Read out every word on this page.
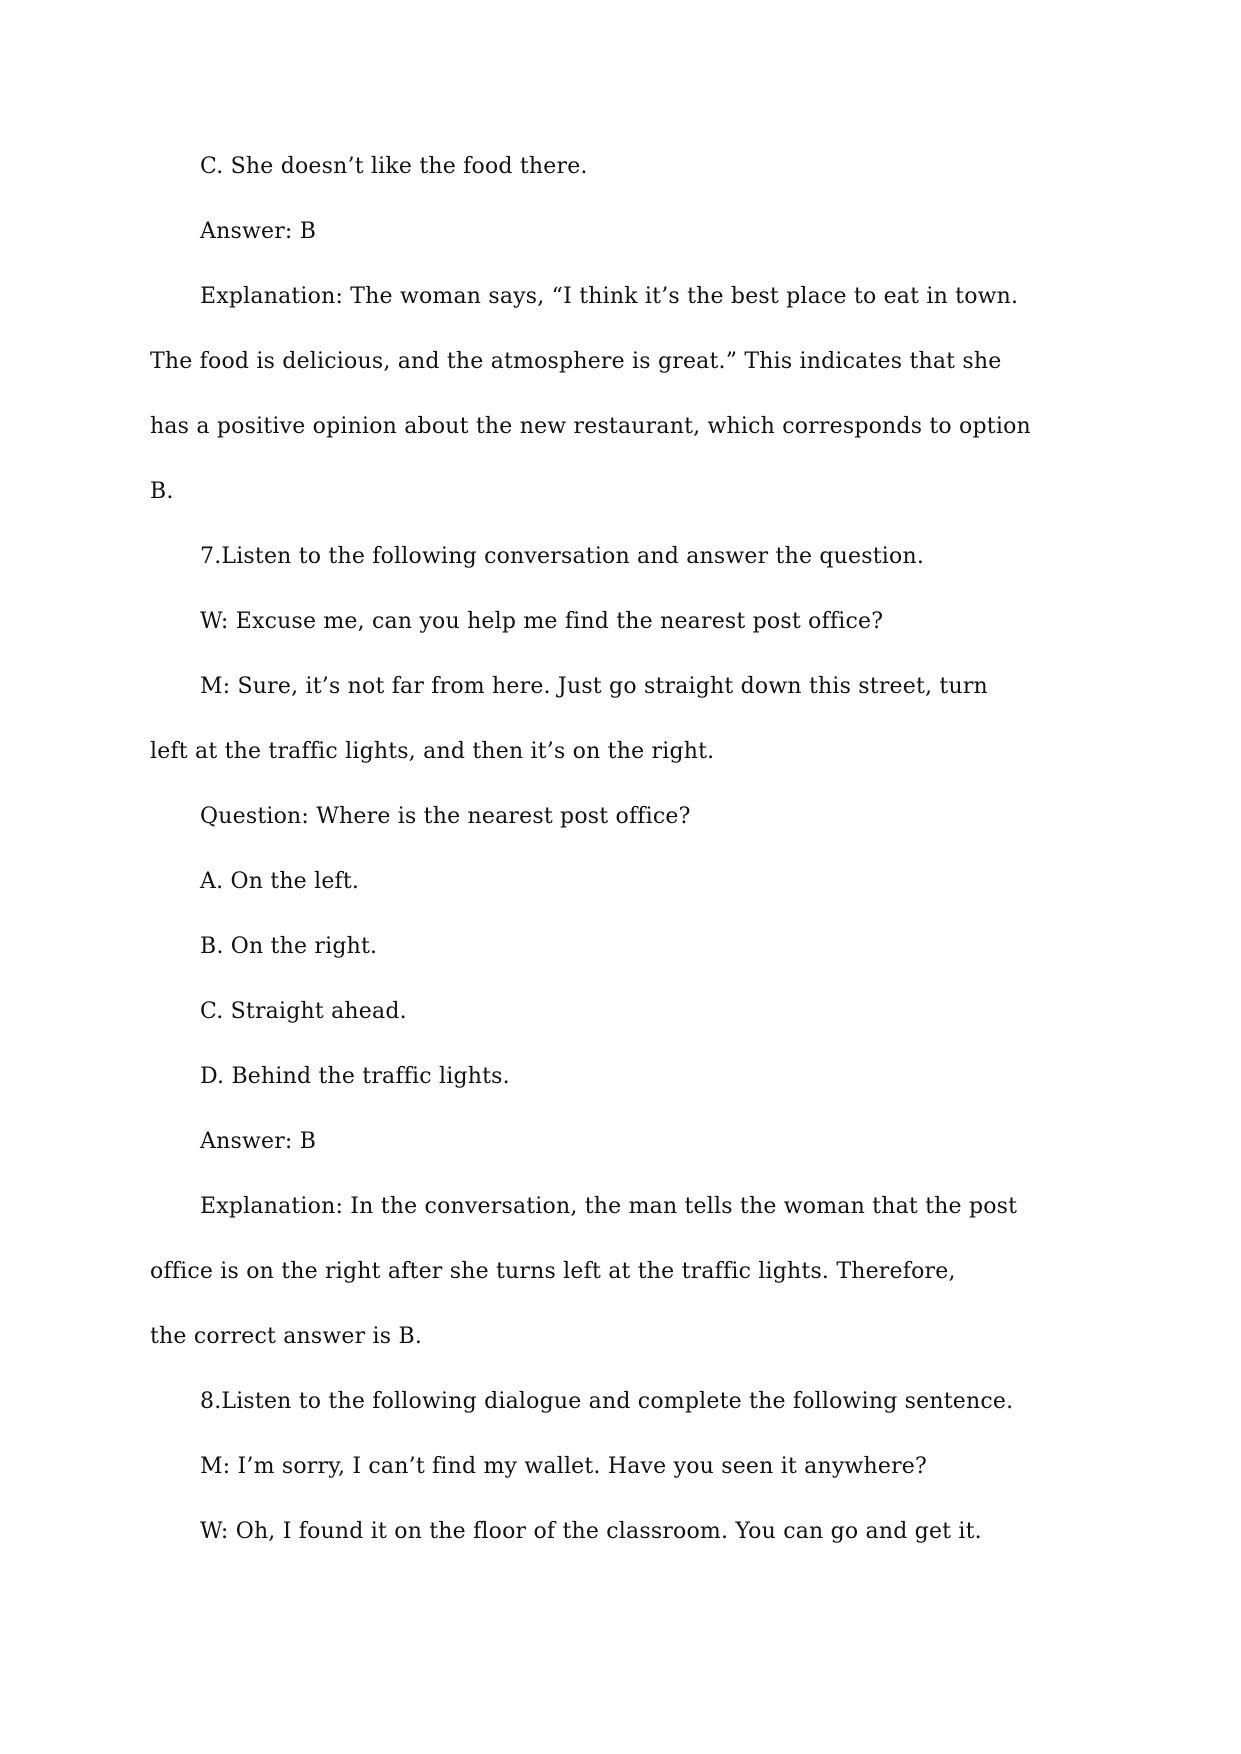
C. She doesn’t like the food there.
Answer: B
Explanation: The woman says, “I think it’s the best place to eat in town.
The food is delicious, and the atmosphere is great.” This indicates that she
has a positive opinion about the new restaurant, which corresponds to option
B.
7.Listen to the following conversation and answer the question.
W: Excuse me, can you help me find the nearest post office?
M: Sure, it’s not far from here. Just go straight down this street, turn
left at the traffic lights, and then it’s on the right.
Question: Where is the nearest post office?
A. On the left.
B. On the right.
C. Straight ahead.
D. Behind the traffic lights.
Answer: B
Explanation: In the conversation, the man tells the woman that the post
office is on the right after she turns left at the traffic lights. Therefore,
the correct answer is B.
8.Listen to the following dialogue and complete the following sentence.
M: I’m sorry, I can’t find my wallet. Have you seen it anywhere?
W: Oh, I found it on the floor of the classroom. You can go and get it.
